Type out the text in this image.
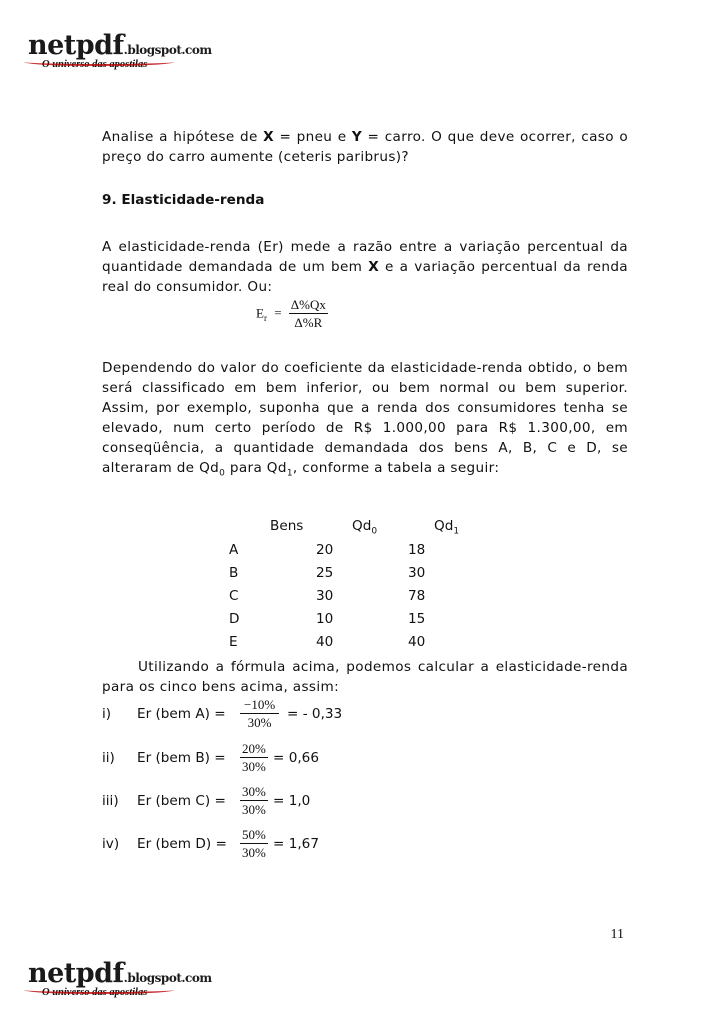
netpdf.blogspot.com
O universo das apostilas
Analise a hipótese de X = pneu e Y = carro. O que deve ocorrer, caso o preço do carro aumente (ceteris paribrus)?
9. Elasticidade-renda
A elasticidade-renda (Er) mede a razão entre a variação percentual da quantidade demandada de um bem X e a variação percentual da renda real do consumidor. Ou:
$E_r = \frac{\Delta\%Qx}{\Delta\%R}$
Dependendo do valor do coeficiente da elasticidade-renda obtido, o bem será classificado em bem inferior, ou bem normal ou bem superior. Assim, por exemplo, suponha que a renda dos consumidores tenha se elevado, num certo período de R$ 1.000,00 para R$ 1.300,00, em conseqüência, a quantidade demandada dos bens A, B, C e D, se alteraram de $Qd_0$ para $Qd_1$, conforme a tabela a seguir:
Bens	$Qd_0$	$Qd_1$
A	20	18
B	25	30
C	30	78
D	10	15
E	40	40
Utilizando a fórmula acima, podemos calcular a elasticidade-renda para os cinco bens acima, assim:
i) Er (bem $A) = \frac{-10\%}{30\%}$ = - 0,33
ii) Er (bem $B) = \frac{20\%}{30\%} = 0,66$
iii) Er (bem $C) = \frac{30\%}{30\%} = 1,0$
iv) Er (bem $D) = \frac{50\%}{30\%} = 1,67$
11
netpdf.blogspot.com
O universo das apostilas
